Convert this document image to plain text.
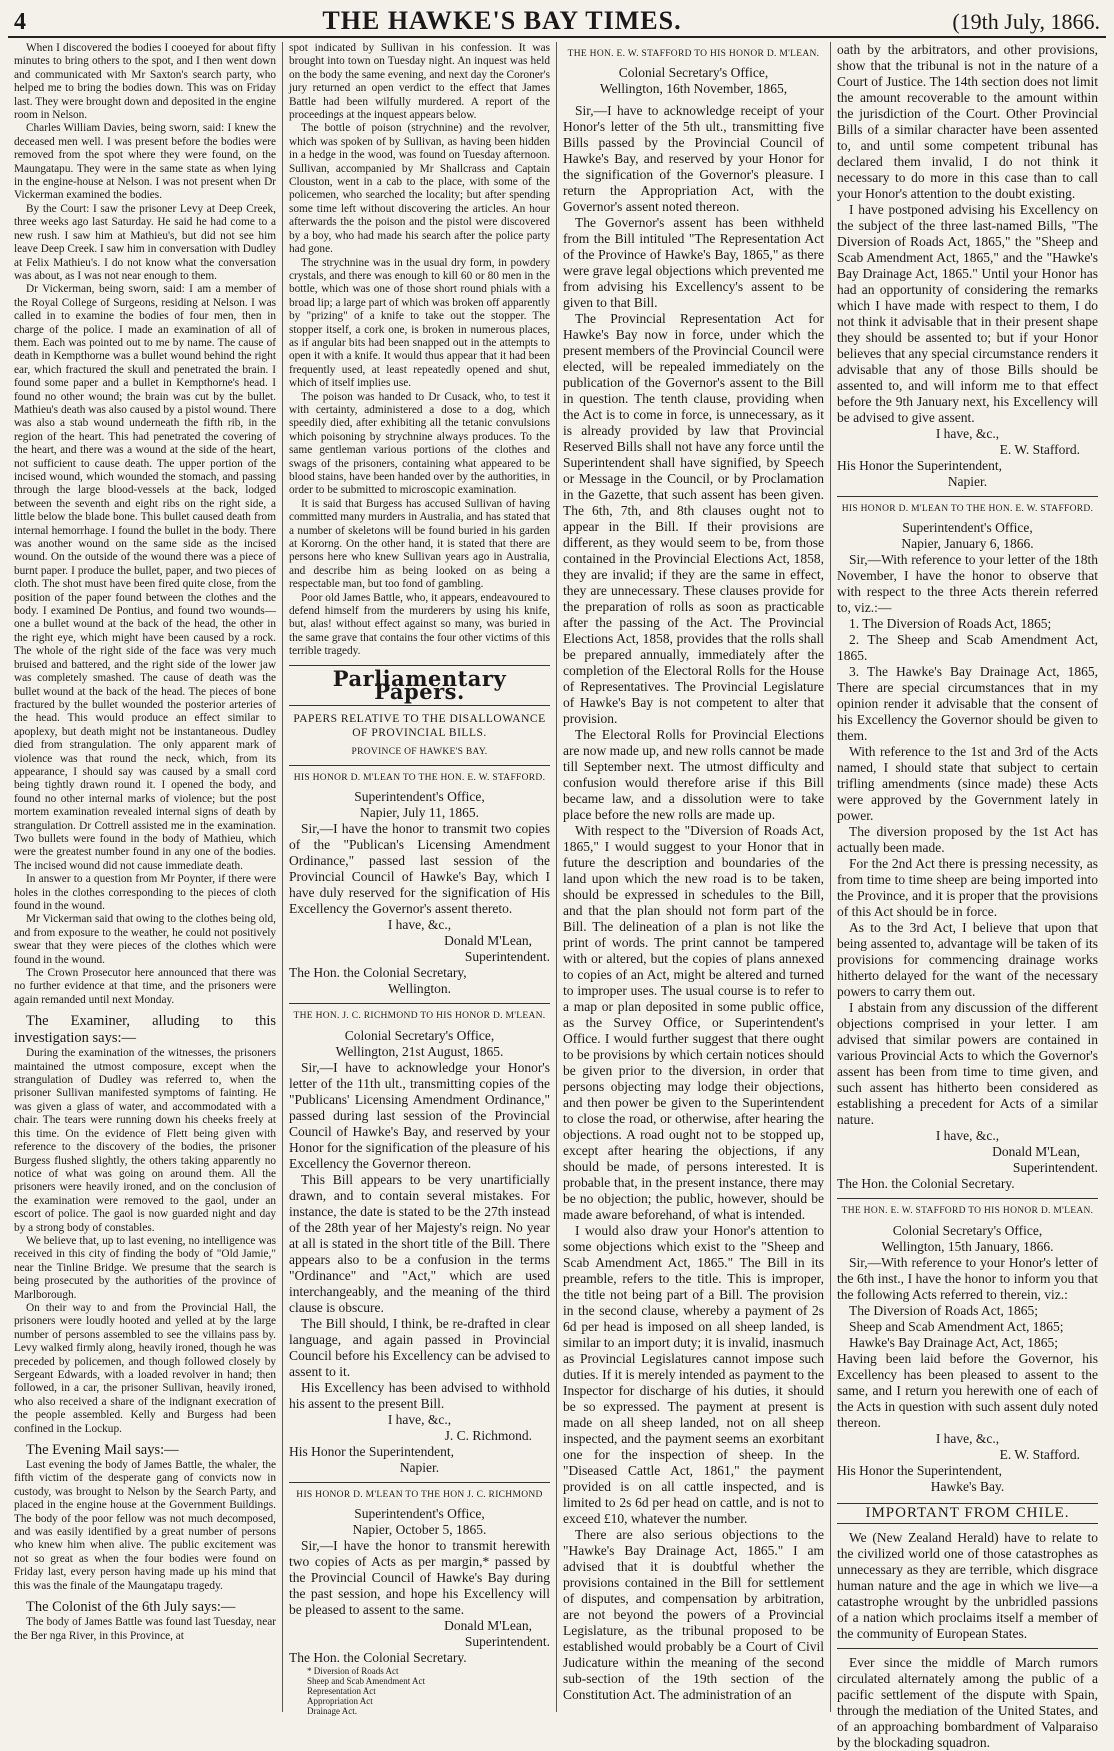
4	THE HAWKE'S BAY TIMES.	(19th July, 1866.

When I discovered the bodies I cooeyed for about fifty minutes to bring others to the spot, and I then went down and communicated with Mr Saxton's search party, who helped me to bring the bodies down. This was on Friday last. They were brought down and deposited in the engine room in Nelson.

Charles William Davies, being sworn, said: I knew the deceased men well. I was present before the bodies were removed from the spot where they were found, on the Maungatapu. They were in the same state as when lying in the engine-house at Nelson. I was not present when Dr Vickerman examined the bodies.

By the Court: I saw the prisoner Levy at Deep Creek, three weeks ago last Saturday. He said he had come to a new rush. I saw him at Mathieu's, but did not see him leave Deep Creek. I saw him in conversation with Dudley at Felix Mathieu's. I do not know what the conversation was about, as I was not near enough to them.

Dr Vickerman, being sworn, said: I am a member of the Royal College of Surgeons, residing at Nelson. I was called in to examine the bodies of four men, then in charge of the police. I made an examination of all of them. Each was pointed out to me by name. The cause of death in Kempthorne was a bullet wound behind the right ear, which fractured the skull and penetrated the brain. I found some paper and a bullet in Kempthorne's head. I found no other wound; the brain was cut by the bullet. Mathieu's death was also caused by a pistol wound. There was also a stab wound underneath the fifth rib, in the region of the heart. This had penetrated the covering of the heart, and there was a wound at the side of the heart, not sufficient to cause death. The upper portion of the incised wound, which wounded the stomach, and passing through the large blood-vessels at the back, lodged between the seventh and eight ribs on the right side, a little below the blade bone. This bullet caused death from internal hemorrhage. I found the bullet in the body. There was another wound on the same side as the incised wound. On the outside of the wound there was a piece of burnt paper. I produce the bullet, paper, and two pieces of cloth. The shot must have been fired quite close, from the position of the paper found between the clothes and the body. I examined De Pontius, and found two wounds—one a bullet wound at the back of the head, the other in the right eye, which might have been caused by a rock. The whole of the right side of the face was very much bruised and battered, and the right side of the lower jaw was completely smashed. The cause of death was the bullet wound at the back of the head. The pieces of bone fractured by the bullet wounded the posterior arteries of the head. This would produce an effect similar to apoplexy, but death might not be instantaneous. Dudley died from strangulation. The only apparent mark of violence was that round the neck, which, from its appearance, I should say was caused by a small cord being tightly drawn round it. I opened the body, and found no other internal marks of violence; but the post mortem examination revealed internal signs of death by strangulation. Dr Cottrell assisted me in the examination. Two bullets were found in the body of Mathieu, which were the greatest number found in any one of the bodies. The incised wound did not cause immediate death.

In answer to a question from Mr Poynter, if there were holes in the clothes corresponding to the pieces of cloth found in the wound.

Mr Vickerman said that owing to the clothes being old, and from exposure to the weather, he could not positively swear that they were pieces of the clothes which were found in the wound.

The Crown Prosecutor here announced that there was no further evidence at that time, and the prisoners were again remanded until next Monday.

The Examiner, alluding to this investigation says:—

During the examination of the witnesses, the prisoners maintained the utmost composure, except when the strangulation of Dudley was referred to, when the prisoner Sullivan manifested symptoms of fainting. He was given a glass of water, and accommodated with a chair. The tears were running down his cheeks freely at this time. On the evidence of Flett being given with reference to the discovery of the bodies, the prisoner Burgess flushed slightly, the others taking apparently no notice of what was going on around them. All the prisoners were heavily ironed, and on the conclusion of the examination were removed to the gaol, under an escort of police. The gaol is now guarded night and day by a strong body of constables.

We believe that, up to last evening, no intelligence was received in this city of finding the body of "Old Jamie," near the Tinline Bridge. We presume that the search is being prosecuted by the authorities of the province of Marlborough.

On their way to and from the Provincial Hall, the prisoners were loudly hooted and yelled at by the large number of persons assembled to see the villains pass by. Levy walked firmly along, heavily ironed, though he was preceded by policemen, and though followed closely by Sergeant Edwards, with a loaded revolver in hand; then followed, in a car, the prisoner Sullivan, heavily ironed, who also received a share of the indignant execration of the people assembled. Kelly and Burgess had been confined in the Lockup.

The Evening Mail says:—

Last evening the body of James Battle, the whaler, the fifth victim of the desperate gang of convicts now in custody, was brought to Nelson by the Search Party, and placed in the engine house at the Government Buildings. The body of the poor fellow was not much decomposed, and was easily identified by a great number of persons who knew him when alive. The public excitement was not so great as when the four bodies were found on Friday last, every person having made up his mind that this was the finale of the Maungatapu tragedy.

The Colonist of the 6th July says:—

The body of James Battle was found last Tuesday, near the Ber nga River, in this Province, at

spot indicated by Sullivan in his confession. It was brought into town on Tuesday night. An inquest was held on the body the same evening, and next day the Coroner's jury returned an open verdict to the effect that James Battle had been wilfully murdered. A report of the proceedings at the inquest appears below.

The bottle of poison (strychnine) and the revolver, which was spoken of by Sullivan, as having been hidden in a hedge in the wood, was found on Tuesday afternoon. Sullivan, accompanied by Mr Shallcrass and Captain Clouston, went in a cab to the place, with some of the policemen, who searched the locality; but after spending some time left without discovering the articles. An hour afterwards the the poison and the pistol were discovered by a boy, who had made his search after the police party had gone.

The strychnine was in the usual dry form, in powdery crystals, and there was enough to kill 60 or 80 men in the bottle, which was one of those short round phials with a broad lip; a large part of which was broken off apparently by "prizing" of a knife to take out the stopper. The stopper itself, a cork one, is broken in numerous places, as if angular bits had been snapped out in the attempts to open it with a knife. It would thus appear that it had been frequently used, at least repeatedly opened and shut, which of itself implies use.

The poison was handed to Dr Cusack, who, to test it with certainty, administered a dose to a dog, which speedily died, after exhibiting all the tetanic convulsions which poisoning by strychnine always produces. To the same gentleman various portions of the clothes and swags of the prisoners, containing what appeared to be blood stains, have been handed over by the authorities, in order to be submitted to microscopic examination.

It is said that Burgess has accused Sullivan of having committed many murders in Australia, and has stated that a number of skeletons will be found buried in his garden at Kororng. On the other hand, it is stated that there are persons here who knew Sullivan years ago in Australia, and describe him as being looked on as being a respectable man, but too fond of gambling.

Poor old James Battle, who, it appears, endeavoured to defend himself from the murderers by using his knife, but, alas! without effect against so many, was buried in the same grave that contains the four other victims of this terrible tragedy.

Parliamentary Papers.

PAPERS RELATIVE TO THE DISALLOWANCE OF PROVINCIAL BILLS.

PROVINCE OF HAWKE'S BAY.

HIS HONOR D. M'LEAN TO THE HON. E. W. STAFFORD.

Superintendent's Office,

Napier, July 11, 1865.

Sir,—I have the honor to transmit two copies of the "Publican's Licensing Amendment Ordinance," passed last session of the Provincial Council of Hawke's Bay, which I have duly reserved for the signification of His Excellency the Governor's assent thereto.

I have, &c.,

Donald M'Lean,

Superintendent.

The Hon. the Colonial Secretary,

Wellington.

THE HON. J. C. RICHMOND TO HIS HONOR D. M'LEAN.

Colonial Secretary's Office,

Wellington, 21st August, 1865.

Sir,—I have to acknowledge your Honor's letter of the 11th ult., transmitting copies of the "Publicans' Licensing Amendment Ordinance," passed during last session of the Provincial Council of Hawke's Bay, and reserved by your Honor for the signification of the pleasure of his Excellency the Governor thereon.

This Bill appears to be very unartificially drawn, and to contain several mistakes. For instance, the date is stated to be the 27th instead of the 28th year of her Majesty's reign. No year at all is stated in the short title of the Bill. There appears also to be a confusion in the terms "Ordinance" and "Act," which are used interchangeably, and the meaning of the third clause is obscure.

The Bill should, I think, be re-drafted in clear language, and again passed in Provincial Council before his Excellency can be advised to assent to it.

His Excellency has been advised to withhold his assent to the present Bill.

I have, &c.,

J. C. Richmond.

His Honor the Superintendent,

Napier.

HIS HONOR D. M'LEAN TO THE HON J. C. RICHMOND

Superintendent's Office,

Napier, October 5, 1865.

Sir,—I have the honor to transmit herewith two copies of Acts as per margin,* passed by the Provincial Council of Hawke's Bay during the past session, and hope his Excellency will be pleased to assent to the same.

Donald M'Lean,

Superintendent.

The Hon. the Colonial Secretary.

* Diversion of Roads Act

Sheep and Scab Amendment Act

Representation Act

Appropriation Act

Drainage Act.

THE HON. E. W. STAFFORD TO HIS HONOR D. M'LEAN.

Colonial Secretary's Office,

Wellington, 16th November, 1865,

Sir,—I have to acknowledge receipt of your Honor's letter of the 5th ult., transmitting five Bills passed by the Provincial Council of Hawke's Bay, and reserved by your Honor for the signification of the Governor's pleasure. I return the Appropriation Act, with the Governor's assent noted thereon.

The Governor's assent has been withheld from the Bill intituled "The Representation Act of the Province of Hawke's Bay, 1865," as there were grave legal objections which prevented me from advising his Excellency's assent to be given to that Bill.

The Provincial Representation Act for Hawke's Bay now in force, under which the present members of the Provincial Council were elected, will be repealed immediately on the publication of the Governor's assent to the Bill in question. The tenth clause, providing when the Act is to come in force, is unnecessary, as it is already provided by law that Provincial Reserved Bills shall not have any force until the Superintendent shall have signified, by Speech or Message in the Council, or by Proclamation in the Gazette, that such assent has been given. The 6th, 7th, and 8th clauses ought not to appear in the Bill. If their provisions are different, as they would seem to be, from those contained in the Provincial Elections Act, 1858, they are invalid; if they are the same in effect, they are unnecessary. These clauses provide for the preparation of rolls as soon as practicable after the passing of the Act. The Provincial Elections Act, 1858, provides that the rolls shall be prepared annually, immediately after the completion of the Electoral Rolls for the House of Representatives. The Provincial Legislature of Hawke's Bay is not competent to alter that provision.

The Electoral Rolls for Provincial Elections are now made up, and new rolls cannot be made till September next. The utmost difficulty and confusion would therefore arise if this Bill became law, and a dissolution were to take place before the new rolls are made up.

With respect to the "Diversion of Roads Act, 1865," I would suggest to your Honor that in future the description and boundaries of the land upon which the new road is to be taken, should be expressed in schedules to the Bill, and that the plan should not form part of the Bill. The delineation of a plan is not like the print of words. The print cannot be tampered with or altered, but the copies of plans annexed to copies of an Act, might be altered and turned to improper uses. The usual course is to refer to a map or plan deposited in some public office, as the Survey Office, or Superintendent's Office. I would further suggest that there ought to be provisions by which certain notices should be given prior to the diversion, in order that persons objecting may lodge their objections, and then power be given to the Superintendent to close the road, or otherwise, after hearing the objections. A road ought not to be stopped up, except after hearing the objections, if any should be made, of persons interested. It is probable that, in the present instance, there may be no objection; the public, however, should be made aware beforehand, of what is intended.

I would also draw your Honor's attention to some objections which exist to the "Sheep and Scab Amendment Act, 1865." The Bill in its preamble, refers to the title. This is improper, the title not being part of a Bill. The provision in the second clause, whereby a payment of 2s 6d per head is imposed on all sheep landed, is similar to an import duty; it is invalid, inasmuch as Provincial Legislatures cannot impose such duties. If it is merely intended as payment to the Inspector for discharge of his duties, it should be so expressed. The payment at present is made on all sheep landed, not on all sheep inspected, and the payment seems an exorbitant one for the inspection of sheep. In the "Diseased Cattle Act, 1861," the payment provided is on all cattle inspected, and is limited to 2s 6d per head on cattle, and is not to exceed £10, whatever the number.

There are also serious objections to the "Hawke's Bay Drainage Act, 1865." I am advised that it is doubtful whether the provisions contained in the Bill for settlement of disputes, and compensation by arbitration, are not beyond the powers of a Provincial Legislature, as the tribunal proposed to be established would probably be a Court of Civil Judicature within the meaning of the second sub-section of the 19th section of the Constitution Act. The administration of an

oath by the arbitrators, and other provisions, show that the tribunal is not in the nature of a Court of Justice. The 14th section does not limit the amount recoverable to the amount within the jurisdiction of the Court. Other Provincial Bills of a similar character have been assented to, and until some competent tribunal has declared them invalid, I do not think it necessary to do more in this case than to call your Honor's attention to the doubt existing.

I have postponed advising his Excellency on the subject of the three last-named Bills, "The Diversion of Roads Act, 1865," the "Sheep and Scab Amendment Act, 1865," and the "Hawke's Bay Drainage Act, 1865." Until your Honor has had an opportunity of considering the remarks which I have made with respect to them, I do not think it advisable that in their present shape they should be assented to; but if your Honor believes that any special circumstance renders it advisable that any of those Bills should be assented to, and will inform me to that effect before the 9th January next, his Excellency will be advised to give assent.

I have, &c.,

E. W. Stafford.

His Honor the Superintendent,

Napier.

HIS HONOR D. M'LEAN TO THE HON. E. W. STAFFORD.

Superintendent's Office,

Napier, January 6, 1866.

Sir,—With reference to your letter of the 18th November, I have the honor to observe that with respect to the three Acts therein referred to, viz.:—

1. The Diversion of Roads Act, 1865;

2. The Sheep and Scab Amendment Act, 1865.

3. The Hawke's Bay Drainage Act, 1865, There are special circumstances that in my opinion render it advisable that the consent of his Excellency the Governor should be given to them.

With reference to the 1st and 3rd of the Acts named, I should state that subject to certain trifling amendments (since made) these Acts were approved by the Government lately in power.

The diversion proposed by the 1st Act has actually been made.

For the 2nd Act there is pressing necessity, as from time to time sheep are being imported into the Province, and it is proper that the provisions of this Act should be in force.

As to the 3rd Act, I believe that upon that being assented to, advantage will be taken of its provisions for commencing drainage works hitherto delayed for the want of the necessary powers to carry them out.

I abstain from any discussion of the different objections comprised in your letter. I am advised that similar powers are contained in various Provincial Acts to which the Governor's assent has been from time to time given, and such assent has hitherto been considered as establishing a precedent for Acts of a similar nature.

I have, &c.,

Donald M'Lean,

Superintendent.

The Hon. the Colonial Secretary.

THE HON. E. W. STAFFORD TO HIS HONOR D. M'LEAN.

Colonial Secretary's Office,

Wellington, 15th January, 1866.

Sir,—With reference to your Honor's letter of the 6th inst., I have the honor to inform you that the following Acts referred to therein, viz.:

The Diversion of Roads Act, 1865;

Sheep and Scab Amendment Act, 1865;

Hawke's Bay Drainage Act, Act, 1865;

Having been laid before the Governor, his Excellency has been pleased to assent to the same, and I return you herewith one of each of the Acts in question with such assent duly noted thereon.

I have, &c.,

E. W. Stafford.

His Honor the Superintendent,

Hawke's Bay.

IMPORTANT FROM CHILE.

We (New Zealand Herald) have to relate to the civilized world one of those catastrophes as unnecessary as they are terrible, which disgrace human nature and the age in which we live—a catastrophe wrought by the unbridled passions of a nation which proclaims itself a member of the community of European States.

Ever since the middle of March rumors circulated alternately among the public of a pacific settlement of the dispute with Spain, through the mediation of the United States, and of an approaching bombardment of Valparaiso by the blockading squadron.
